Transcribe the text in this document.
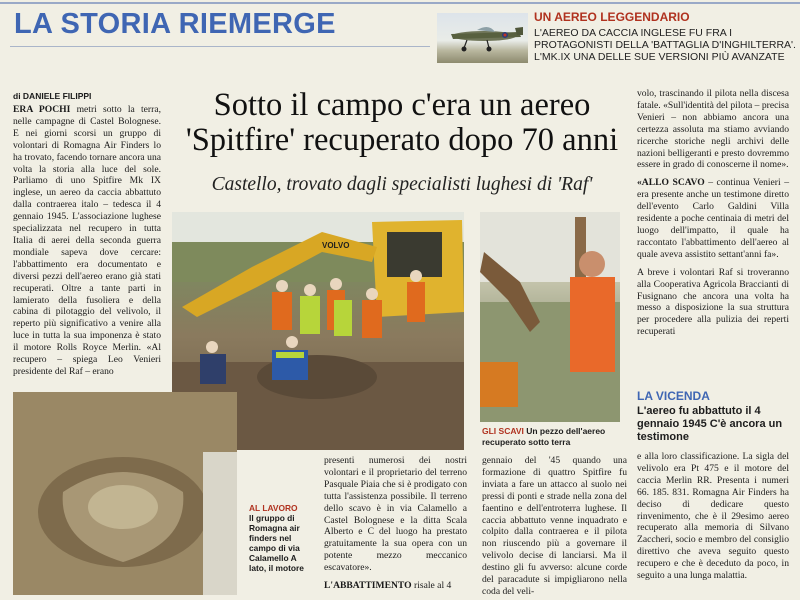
LA STORIA RIEMERGE	UN AEREO LEGGENDARIO
L'AEREO DA CACCIA INGLESE FU FRA I PROTAGONISTI DELLA 'BATTAGLIA D'INGHILTERRA'. L'MK.IX UNA DELLE SUE VERSIONI PIÙ AVANZATE
di DANIELE FILIPPI
ERA POCHI metri sotto la terra, nelle campagne di Castel Bolognese. E nei giorni scorsi un gruppo di volontari di Romagna Air Finders lo ha trovato, facendo tornare ancora una volta la storia alla luce del sole. Parliamo di uno Spitfire Mk IX inglese, un aereo da caccia abbattuto dalla contraerea italo – tedesca il 4 gennaio 1945. L'associazione lughese specializzata nel recupero in tutta Italia di aerei della seconda guerra mondiale sapeva dove cercare: l'abbattimento era documentato e diversi pezzi dell'aereo erano già stati recuperati. Oltre a tante parti in lamierato della fusoliera e della cabina di pilotaggio del velivolo, il reperto più significativo a venire alla luce in tutta la sua imponenza è stato il motore Rolls Royce Merlin. «Al recupero – spiega Leo Venieri presidente del Raf – erano
Sotto il campo c'era un aereo
'Spitfire' recuperato dopo 70 anni
Castello, trovato dagli specialisti lughesi di 'Raf'
VOLVO
GLI SCAVI Un pezzo dell'aereo recuperato sotto terra
volo, trascinando il pilota nella discesa fatale. «Sull'identità del pilota – precisa Venieri – non abbiamo ancora una certezza assoluta ma stiamo avviando ricerche storiche negli archivi delle nazioni belligeranti e presto dovremmo essere in grado di conoscerne il nome».
«ALLO SCAVO – continua Venieri – era presente anche un testimone diretto dell'evento Carlo Galdini Villa residente a poche centinaia di metri del luogo dell'impatto, il quale ha raccontato l'abbattimento dell'aereo al quale aveva assistito settant'anni fa».
A breve i volontari Raf si troveranno alla Cooperativa Agricola Braccianti di Fusignano che ancora una volta ha messo a disposizione la sua struttura per procedere alla pulizia dei reperti recuperati
LA VICENDA
L'aereo fu abbattuto il 4 gennaio 1945 C'è ancora un testimone
e alla loro classificazione. La sigla del velivolo era Pt 475 e il motore del caccia Merlin RR. Presenta i numeri 66. 185. 831. Romagna Air Finders ha deciso di dedicare questo rinvenimento, che è il 29esimo aereo recuperato alla memoria di Silvano Zaccheri, socio e membro del consiglio direttivo che aveva seguito questo recupero e che è deceduto da poco, in seguito a una lunga malattia.
AL LAVORO
Il gruppo di Romagna air finders nel campo di via Calamello A lato, il motore
presenti numerosi dei nostri volontari e il proprietario del terreno Pasquale Piaia che si è prodigato con tutta l'assistenza possibile. Il terreno dello scavo è in via Calamello a Castel Bolognese e la ditta Scala Alberto e C del luogo ha prestato gratuitamente la sua opera con un potente mezzo meccanico escavatore».
L'ABBATTIMENTO risale al 4
gennaio del '45 quando una formazione di quattro Spitfire fu inviata a fare un attacco al suolo nei pressi di ponti e strade nella zona del faentino e dell'entroterra lughese. Il caccia abbattuto venne inquadrato e colpito dalla contraerea e il pilota non riuscendo più a governare il velivolo decise di lanciarsi. Ma il destino gli fu avverso: alcune corde del paracadute si impigliarono nella coda del veli-
